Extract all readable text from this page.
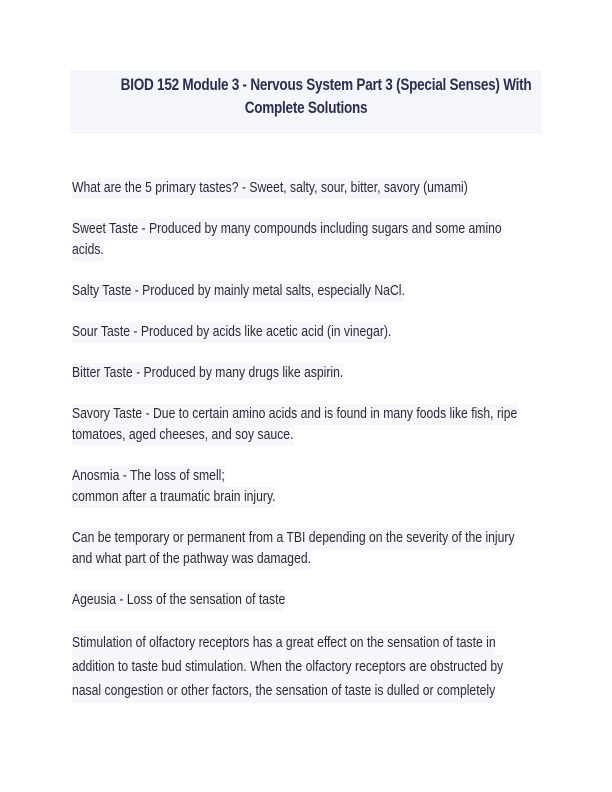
BIOD 152 Module 3 - Nervous System Part 3 (Special Senses) With
Complete Solutions

What are the 5 primary tastes? - Sweet, salty, sour, bitter, savory (umami)

Sweet Taste - Produced by many compounds including sugars and some amino
acids.

Salty Taste - Produced by mainly metal salts, especially NaCl.

Sour Taste - Produced by acids like acetic acid (in vinegar).

Bitter Taste - Produced by many drugs like aspirin.

Savory Taste - Due to certain amino acids and is found in many foods like fish, ripe
tomatoes, aged cheeses, and soy sauce.

Anosmia - The loss of smell;
common after a traumatic brain injury.

Can be temporary or permanent from a TBI depending on the severity of the injury
and what part of the pathway was damaged.

Ageusia - Loss of the sensation of taste

Stimulation of olfactory receptors has a great effect on the sensation of taste in
addition to taste bud stimulation. When the olfactory receptors are obstructed by
nasal congestion or other factors, the sensation of taste is dulled or completely
